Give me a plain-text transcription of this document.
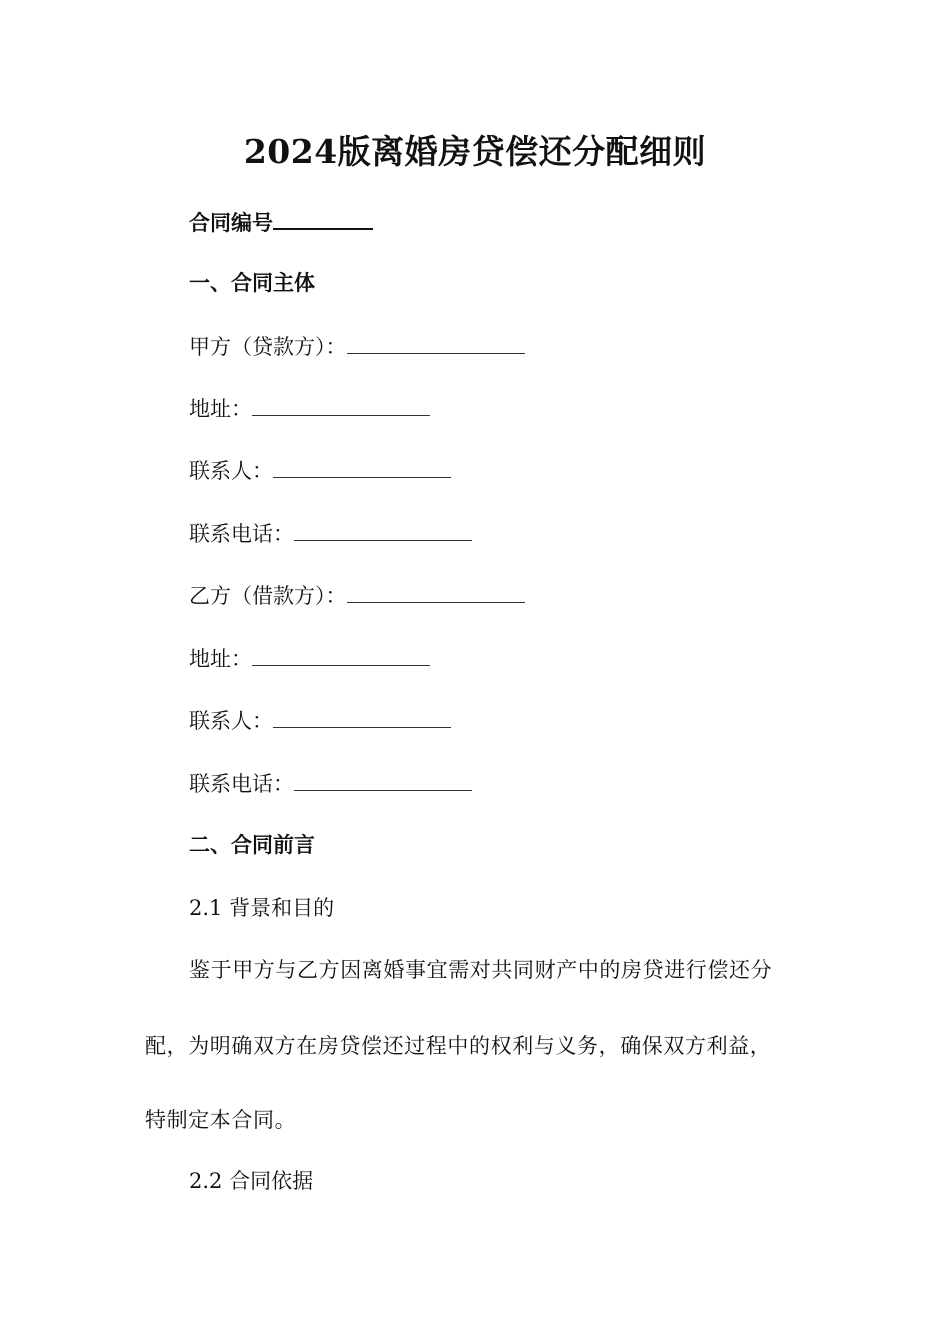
2024版离婚房贷偿还分配细则
合同编号
一、合同主体
甲方（贷款方）：
地址：
联系人：
联系电话：
乙方（借款方）：
地址：
联系人：
联系电话：
二、合同前言
2.1 背景和目的
鉴于甲方与乙方因离婚事宜需对共同财产中的房贷进行偿还分
配，为明确双方在房贷偿还过程中的权利与义务，确保双方利益，
特制定本合同。
2.2 合同依据
